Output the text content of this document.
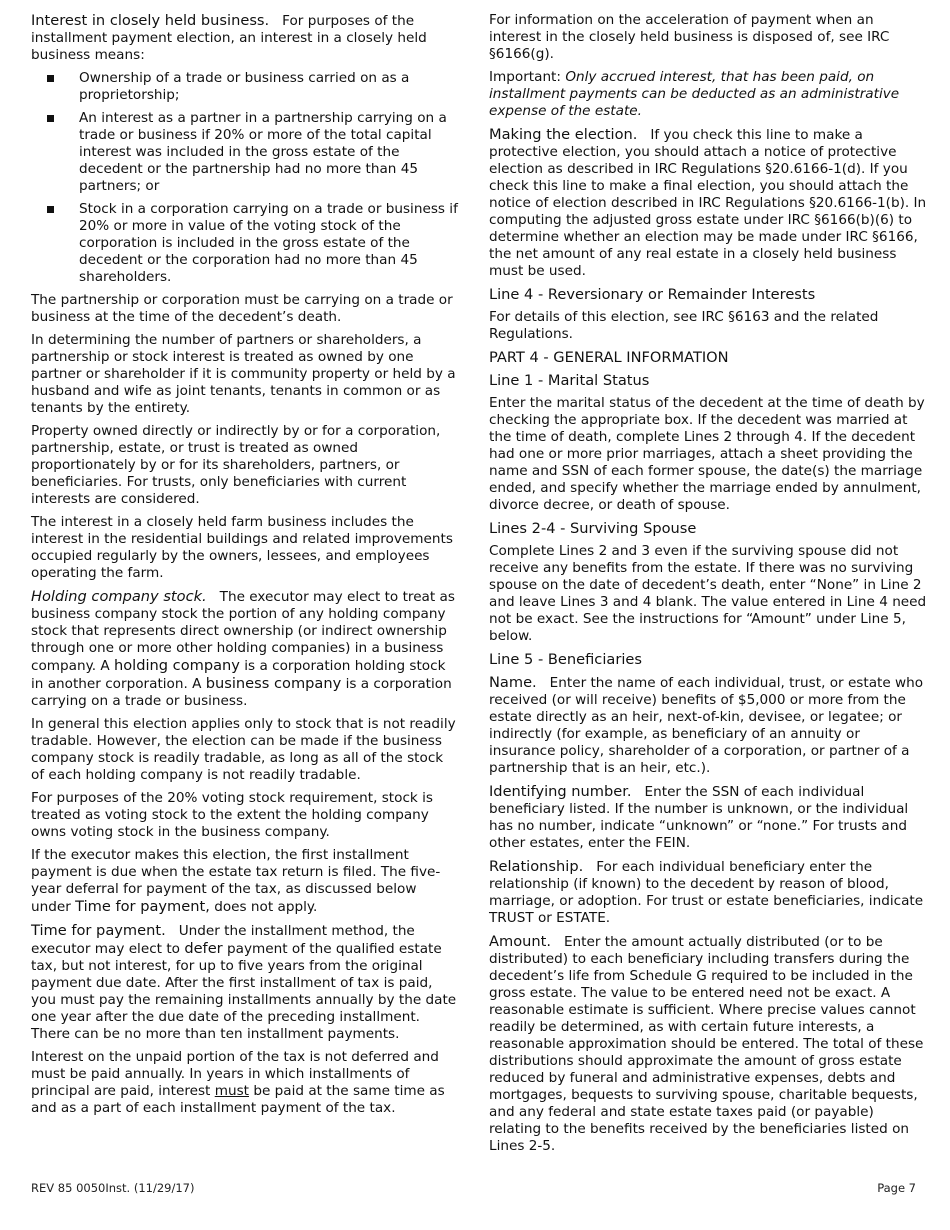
Interest in closely held business. For purposes of the installment payment election, an interest in a closely held business means:

Ownership of a trade or business carried on as a proprietorship;
An interest as a partner in a partnership carrying on a trade or business if 20% or more of the total capital interest was included in the gross estate of the decedent or the partnership had no more than 45 partners; or
Stock in a corporation carrying on a trade or business if 20% or more in value of the voting stock of the corporation is included in the gross estate of the decedent or the corporation had no more than 45 shareholders.

The partnership or corporation must be carrying on a trade or business at the time of the decedent’s death.

In determining the number of partners or shareholders, a partnership or stock interest is treated as owned by one partner or shareholder if it is community property or held by a husband and wife as joint tenants, tenants in common or as tenants by the entirety.

Property owned directly or indirectly by or for a corporation, partnership, estate, or trust is treated as owned proportionately by or for its shareholders, partners, or beneficiaries. For trusts, only beneficiaries with current interests are considered.

The interest in a closely held farm business includes the interest in the residential buildings and related improvements occupied regularly by the owners, lessees, and employees operating the farm.

Holding company stock. The executor may elect to treat as business company stock the portion of any holding company stock that represents direct ownership (or indirect ownership through one or more other holding companies) in a business company. A holding company is a corporation holding stock in another corporation. A business company is a corporation carrying on a trade or business.

In general this election applies only to stock that is not readily tradable. However, the election can be made if the business company stock is readily tradable, as long as all of the stock of each holding company is not readily tradable.

For purposes of the 20% voting stock requirement, stock is treated as voting stock to the extent the holding company owns voting stock in the business company.

If the executor makes this election, the first installment payment is due when the estate tax return is filed. The five-year deferral for payment of the tax, as discussed below under Time for payment, does not apply.

Time for payment. Under the installment method, the executor may elect to defer payment of the qualified estate tax, but not interest, for up to five years from the original payment due date. After the first installment of tax is paid, you must pay the remaining installments annually by the date one year after the due date of the preceding installment. There can be no more than ten installment payments.

Interest on the unpaid portion of the tax is not deferred and must be paid annually. In years in which installments of principal are paid, interest must be paid at the same time as and as a part of each installment payment of the tax.

For information on the acceleration of payment when an interest in the closely held business is disposed of, see IRC §6166(g).

Important: Only accrued interest, that has been paid, on installment payments can be deducted as an administrative expense of the estate.

Making the election. If you check this line to make a protective election, you should attach a notice of protective election as described in IRC Regulations §20.6166-1(d). If you check this line to make a final election, you should attach the notice of election described in IRC Regulations §20.6166-1(b). In computing the adjusted gross estate under IRC §6166(b)(6) to determine whether an election may be made under IRC §6166, the net amount of any real estate in a closely held business must be used.

Line 4 - Reversionary or Remainder Interests

For details of this election, see IRC §6163 and the related Regulations.

PART 4 - GENERAL INFORMATION
Line 1 - Marital Status

Enter the marital status of the decedent at the time of death by checking the appropriate box. If the decedent was married at the time of death, complete Lines 2 through 4. If the decedent had one or more prior marriages, attach a sheet providing the name and SSN of each former spouse, the date(s) the marriage ended, and specify whether the marriage ended by annulment, divorce decree, or death of spouse.

Lines 2-4 - Surviving Spouse

Complete Lines 2 and 3 even if the surviving spouse did not receive any benefits from the estate. If there was no surviving spouse on the date of decedent’s death, enter “None” in Line 2 and leave Lines 3 and 4 blank. The value entered in Line 4 need not be exact. See the instructions for “Amount” under Line 5, below.

Line 5 - Beneficiaries

Name. Enter the name of each individual, trust, or estate who received (or will receive) benefits of $5,000 or more from the estate directly as an heir, next-of-kin, devisee, or legatee; or indirectly (for example, as beneficiary of an annuity or insurance policy, shareholder of a corporation, or partner of a partnership that is an heir, etc.).

Identifying number. Enter the SSN of each individual beneficiary listed. If the number is unknown, or the individual has no number, indicate “unknown” or “none.” For trusts and other estates, enter the FEIN.

Relationship. For each individual beneficiary enter the relationship (if known) to the decedent by reason of blood, marriage, or adoption. For trust or estate beneficiaries, indicate TRUST or ESTATE.

Amount. Enter the amount actually distributed (or to be distributed) to each beneficiary including transfers during the decedent’s life from Schedule G required to be included in the gross estate. The value to be entered need not be exact. A reasonable estimate is sufficient. Where precise values cannot readily be determined, as with certain future interests, a reasonable approximation should be entered. The total of these distributions should approximate the amount of gross estate reduced by funeral and administrative expenses, debts and mortgages, bequests to surviving spouse, charitable bequests, and any federal and state estate taxes paid (or payable) relating to the benefits received by the beneficiaries listed on Lines 2-5.

REV 85 0050Inst. (11/29/17)	Page 7
